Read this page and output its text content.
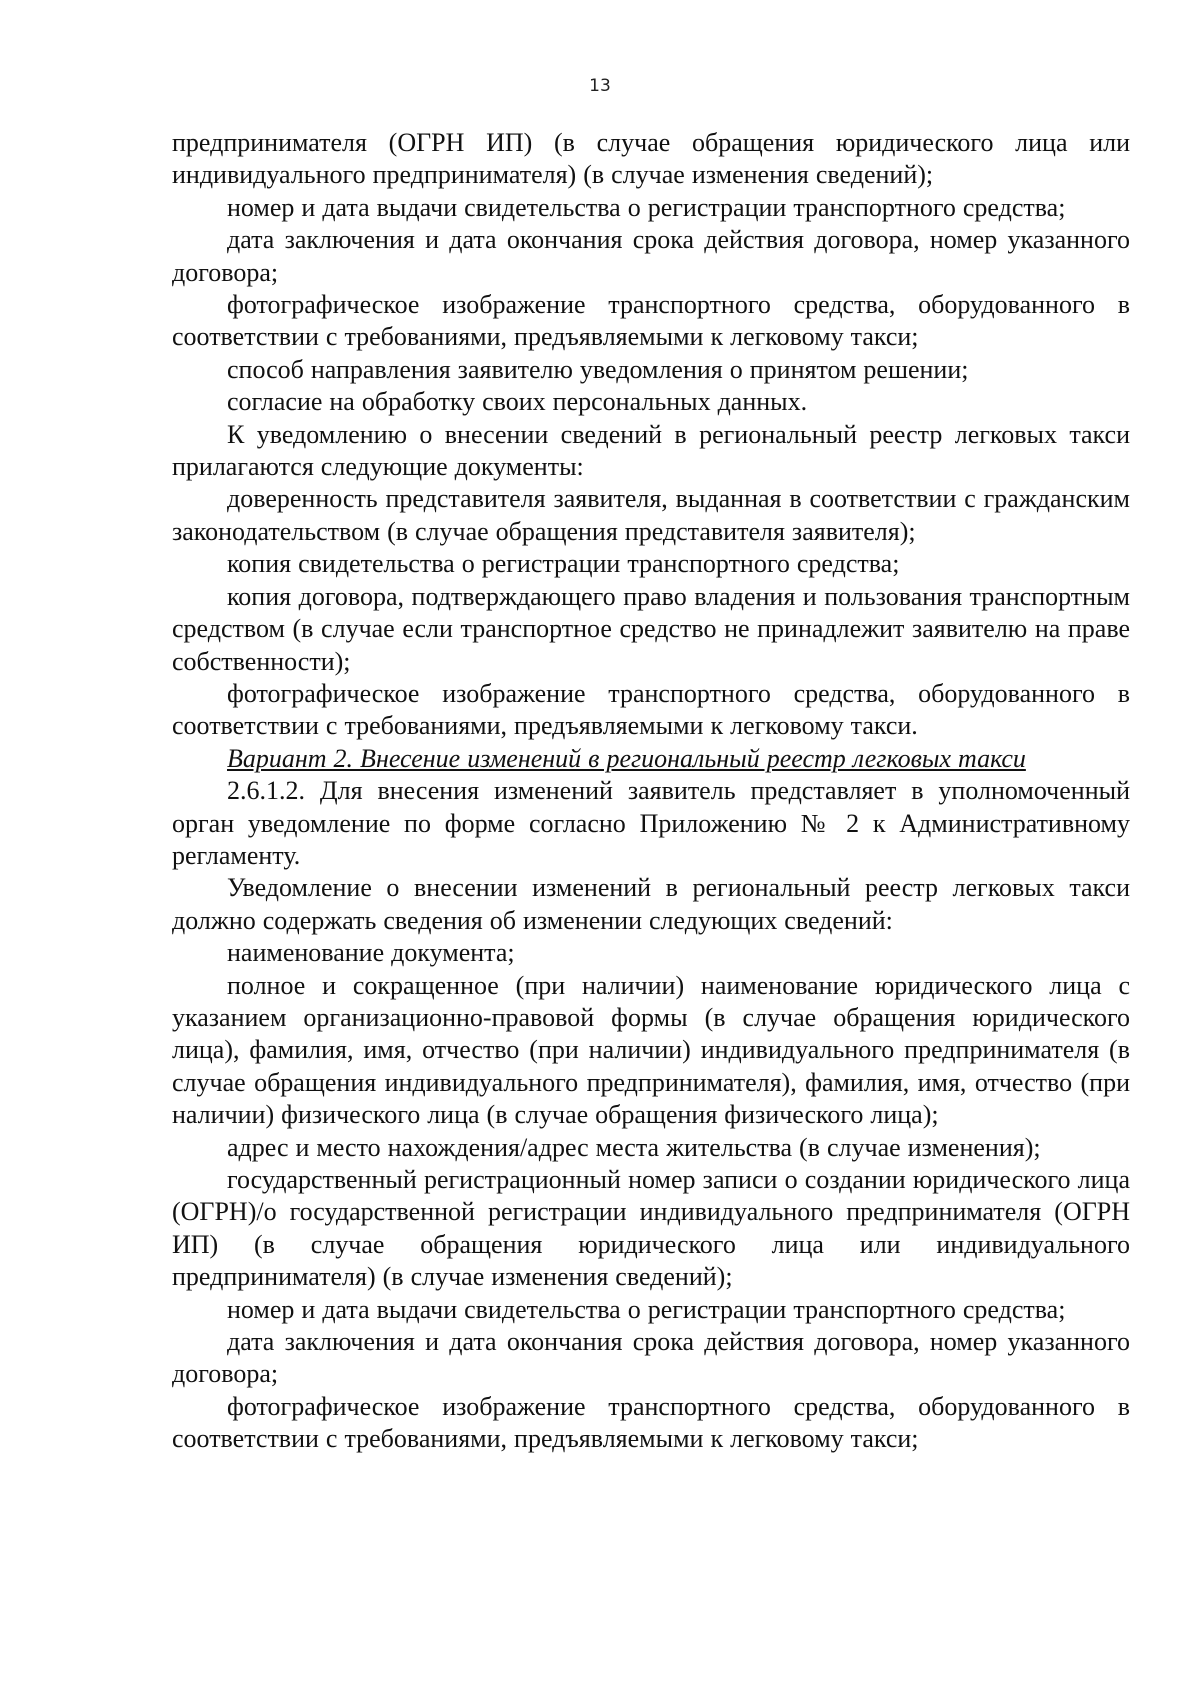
13

предпринимателя (ОГРН ИП) (в случае обращения юридического лица или индивидуального предпринимателя) (в случае изменения сведений);

номер и дата выдачи свидетельства о регистрации транспортного средства;

дата заключения и дата окончания срока действия договора, номер указанного договора;

фотографическое изображение транспортного средства, оборудованного в соответствии с требованиями, предъявляемыми к легковому такси;

способ направления заявителю уведомления о принятом решении;

согласие на обработку своих персональных данных.

К уведомлению о внесении сведений в региональный реестр легковых такси прилагаются следующие документы:

доверенность представителя заявителя, выданная в соответствии с гражданским законодательством (в случае обращения представителя заявителя);

копия свидетельства о регистрации транспортного средства;

копия договора, подтверждающего право владения и пользования транспортным средством (в случае если транспортное средство не принадлежит заявителю на праве собственности);

фотографическое изображение транспортного средства, оборудованного в соответствии с требованиями, предъявляемыми к легковому такси.

Вариант 2. Внесение изменений в региональный реестр легковых такси

2.6.1.2. Для внесения изменений заявитель представляет в уполномоченный орган уведомление по форме согласно Приложению № 2 к Административному регламенту.

Уведомление о внесении изменений в региональный реестр легковых такси должно содержать сведения об изменении следующих сведений:

наименование документа;

полное и сокращенное (при наличии) наименование юридического лица с указанием организационно-правовой формы (в случае обращения юридического лица), фамилия, имя, отчество (при наличии) индивидуального предпринимателя (в случае обращения индивидуального предпринимателя), фамилия, имя, отчество (при наличии) физического лица (в случае обращения физического лица);

адрес и место нахождения/адрес места жительства (в случае изменения);

государственный регистрационный номер записи о создании юридического лица (ОГРН)/о государственной регистрации индивидуального предпринимателя (ОГРН ИП) (в случае обращения юридического лица или индивидуального предпринимателя) (в случае изменения сведений);

номер и дата выдачи свидетельства о регистрации транспортного средства;

дата заключения и дата окончания срока действия договора, номер указанного договора;

фотографическое изображение транспортного средства, оборудованного в соответствии с требованиями, предъявляемыми к легковому такси;
